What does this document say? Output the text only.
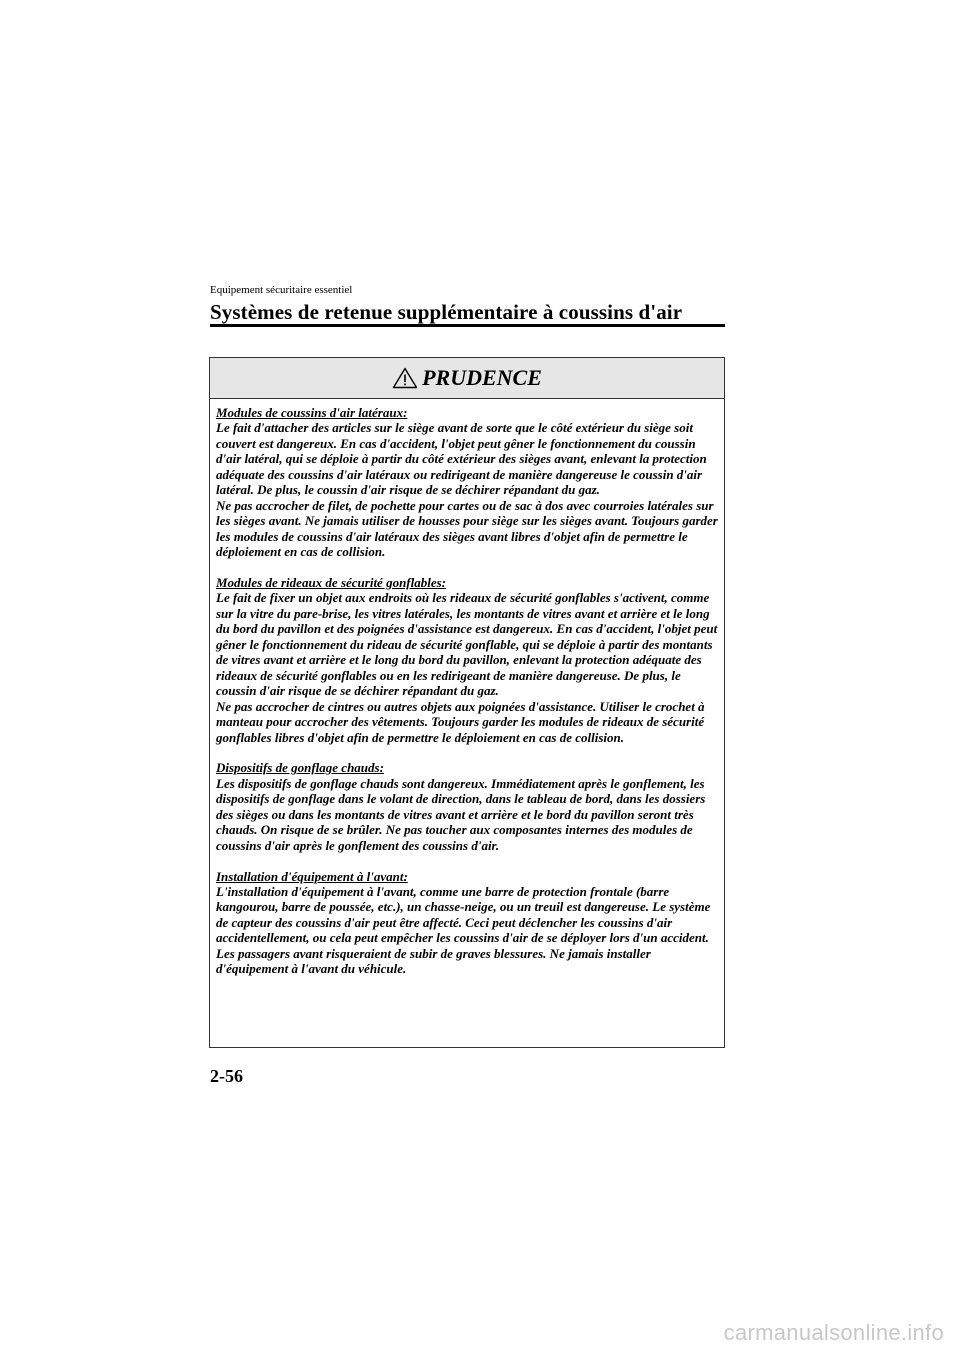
Equipement sécuritaire essentiel

Systèmes de retenue supplémentaire à coussins d'air
PRUDENCE

Modules de coussins d'air latéraux:

Le fait d'attacher des articles sur le siège avant de sorte que le côté extérieur du siège soit couvert est dangereux. En cas d'accident, l'objet peut gêner le fonctionnement du coussin d'air latéral, qui se déploie à partir du côté extérieur des sièges avant, enlevant la protection adéquate des coussins d'air latéraux ou redirigeant de manière dangereuse le coussin d'air latéral. De plus, le coussin d'air risque de se déchirer répandant du gaz.
Ne pas accrocher de filet, de pochette pour cartes ou de sac à dos avec courroies latérales sur les sièges avant. Ne jamais utiliser de housses pour siège sur les sièges avant. Toujours garder les modules de coussins d'air latéraux des sièges avant libres d'objet afin de permettre le déploiement en cas de collision.

Modules de rideaux de sécurité gonflables:

Le fait de fixer un objet aux endroits où les rideaux de sécurité gonflables s'activent, comme sur la vitre du pare-brise, les vitres latérales, les montants de vitres avant et arrière et le long du bord du pavillon et des poignées d'assistance est dangereux. En cas d'accident, l'objet peut gêner le fonctionnement du rideau de sécurité gonflable, qui se déploie à partir des montants de vitres avant et arrière et le long du bord du pavillon, enlevant la protection adéquate des rideaux de sécurité gonflables ou en les redirigeant de manière dangereuse. De plus, le coussin d'air risque de se déchirer répandant du gaz.
Ne pas accrocher de cintres ou autres objets aux poignées d'assistance. Utiliser le crochet à manteau pour accrocher des vêtements. Toujours garder les modules de rideaux de sécurité gonflables libres d'objet afin de permettre le déploiement en cas de collision.

Dispositifs de gonflage chauds:

Les dispositifs de gonflage chauds sont dangereux. Immédiatement après le gonflement, les dispositifs de gonflage dans le volant de direction, dans le tableau de bord, dans les dossiers des sièges ou dans les montants de vitres avant et arrière et le bord du pavillon seront très chauds. On risque de se brûler. Ne pas toucher aux composantes internes des modules de coussins d'air après le gonflement des coussins d'air.

Installation d'équipement à l'avant:

L'installation d'équipement à l'avant, comme une barre de protection frontale (barre kangourou, barre de poussée, etc.), un chasse-neige, ou un treuil est dangereuse. Le système de capteur des coussins d'air peut être affecté. Ceci peut déclencher les coussins d'air accidentellement, ou cela peut empêcher les coussins d'air de se déployer lors d'un accident. Les passagers avant risqueraient de subir de graves blessures. Ne jamais installer d'équipement à l'avant du véhicule.

2-56
carmanualsonline.info
